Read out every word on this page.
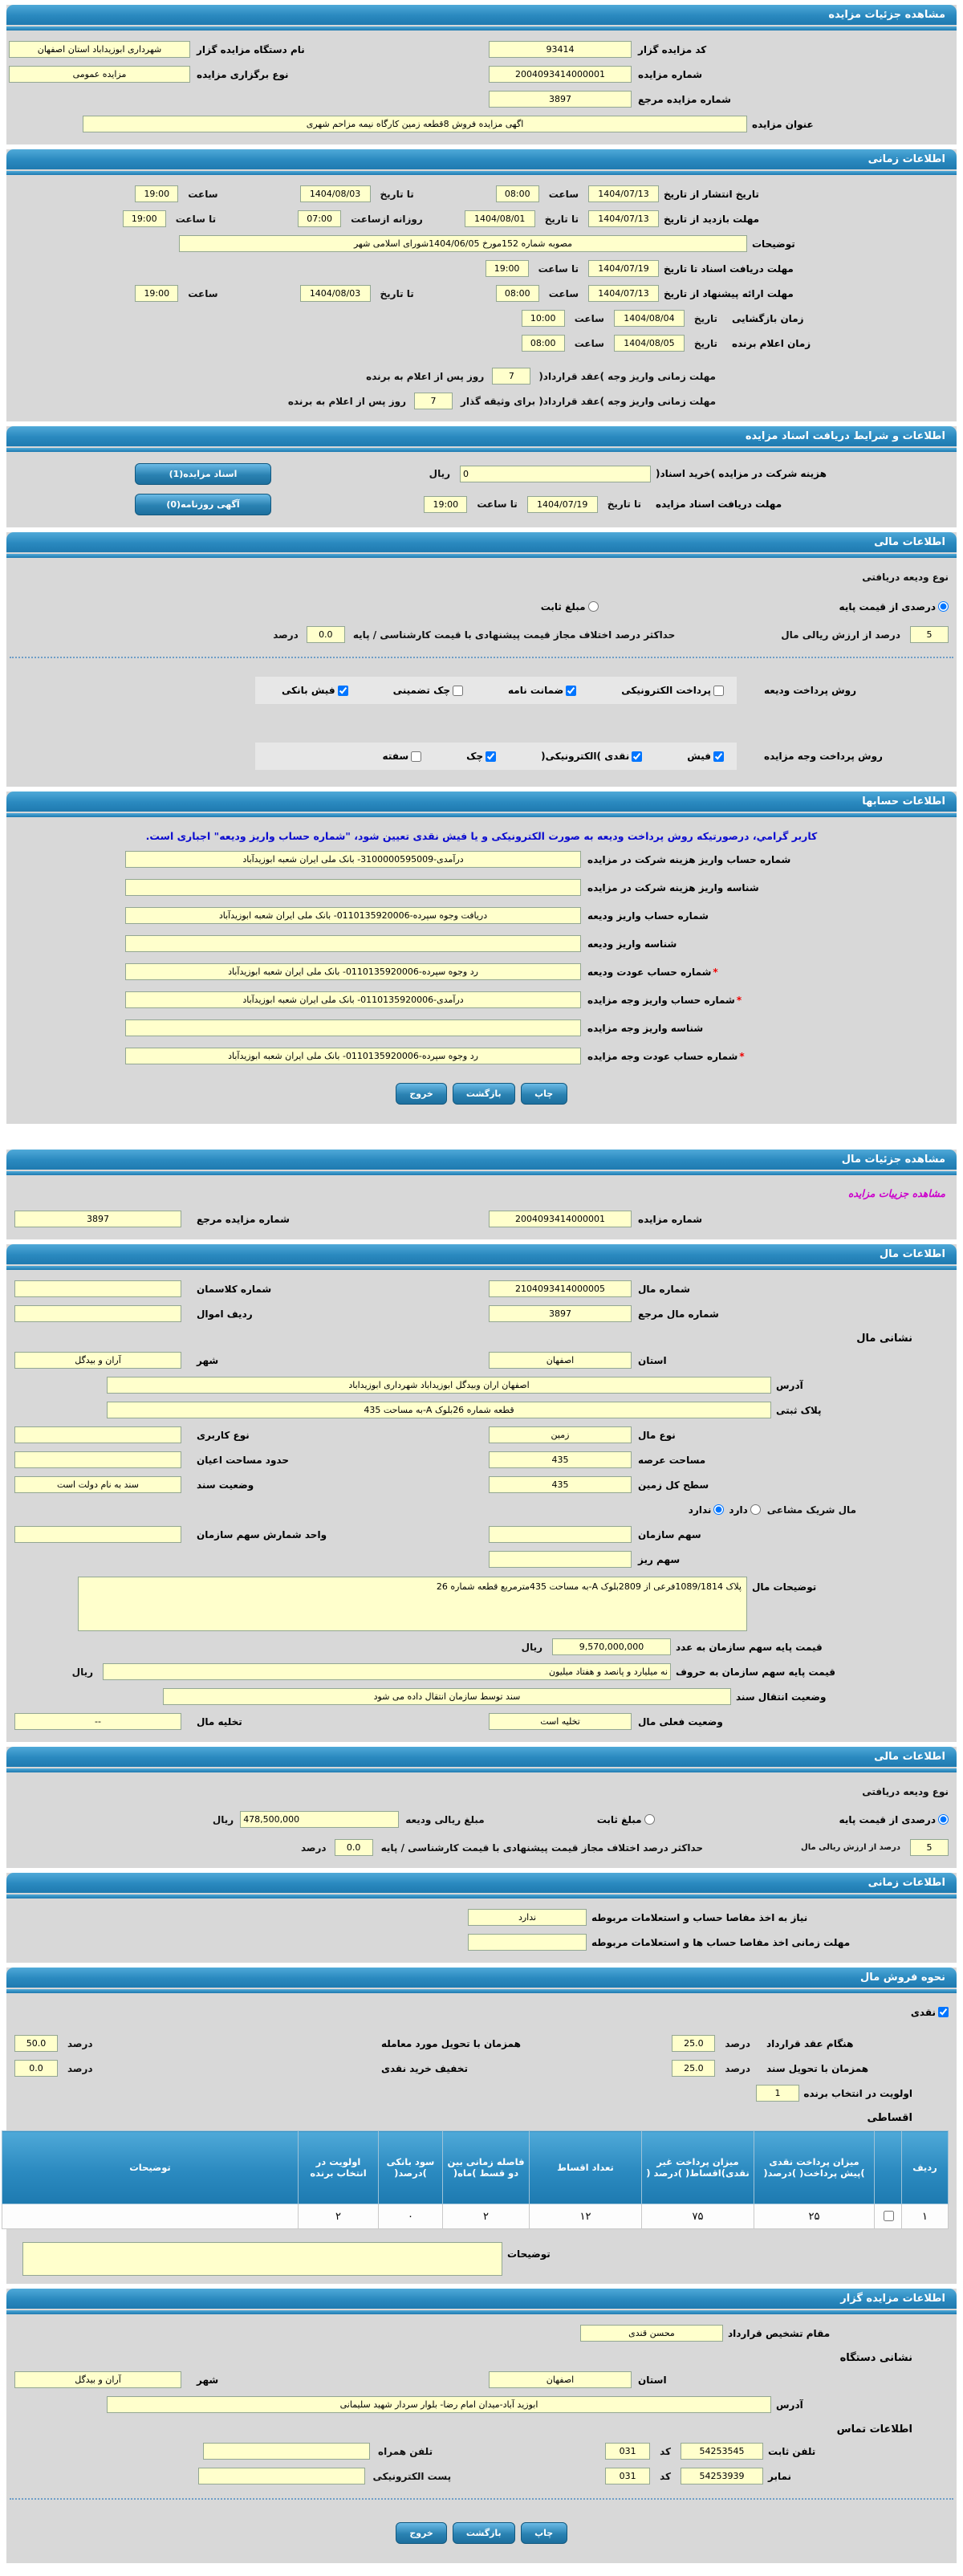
مشاهده جزئیات مزایده
کد مزایده گزار
93414
نام دستگاه مزایده گزار
شهرداری ابوزیداباد استان اصفهان
شماره مزایده
2004093414000001
نوع برگزاری مزایده
مزایده عمومی
شماره مزایده مرجع
3897
عنوان مزایده
اگهی مزایده فروش 8قطعه زمین کارگاه نیمه مزاحم شهری
اطلاعات زمانی
تاریخ انتشار از تاریخ
1404/07/13
ساعت
08:00
تا تاریخ
1404/08/03
ساعت
19:00
مهلت بازدید از تاریخ
1404/07/13
تا تاریخ
1404/08/01
روزانه ازساعت
07:00
تا ساعت
19:00
توضیحات
مصوبه شماره 152مورخ 1404/06/05شورای اسلامی شهر
مهلت دریافت اسناد تا تاریخ
1404/07/19
تا ساعت
19:00
مهلت ارائه پیشنهاد از تاریخ
1404/07/13
ساعت
08:00
تا تاریخ
1404/08/03
ساعت
19:00
زمان بازگشایی
تاریخ
1404/08/04
ساعت
10:00
زمان اعلام برنده
تاریخ
1404/08/05
ساعت
08:00
مهلت زمانی واریز وجه )عقد قرارداد(
7
روز پس از اعلام به برنده
مهلت زمانی واریز وجه )عقد قرارداد( برای وثیقه گذار
7
روز پس از اعلام به برنده
اطلاعات و شرایط دریافت اسناد مزایده
هزینه شرکت در مزایده )خرید اسناد(
0
ریال
اسناد مزایده(1)
مهلت دریافت اسناد مزایده
تا تاریخ
1404/07/19
تا ساعت
19:00
آگهی روزنامه(0)
اطلاعات مالی
نوع ودیعه دریافتی
درصدی از قیمت پایه
مبلغ ثابت
5
درصد از ارزش ریالی مال
حداکثر درصد اختلاف مجاز قیمت پیشنهادی با قیمت کارشناسی / پایه
0.0
درصد
روش پرداخت ودیعه
پرداخت الکترونیکی
ضمانت نامه
چک تضمینی
فیش بانکی
روش پرداخت وجه مزایده
فیش
نقدی )الکترونیکی(
چک
سفته
اطلاعات حسابها
کاربر گرامي، درصورتیکه روش پرداخت ودیعه به صورت الکترونیکی و یا فیش نقدی تعیین شود، "شماره حساب واریز ودیعه" اجباری است.
شماره حساب واریز هزینه شرکت در مزایده
درآمدی-3100000595009- بانک ملی ایران شعبه ابوزیدآباد
شناسه واریز هزینه شرکت در مزایده
شماره حساب واریز ودیعه
دریافت وجوه سپرده-0110135920006- بانک ملی ایران شعبه ابوزیدآباد
شناسه واریز ودیعه
*شماره حساب عودت ودیعه
رد وجوه سپرده-0110135920006- بانک ملی ایران شعبه ابوزیدآباد
*شماره حساب واریز وجه مزایده
درآمدی-0110135920006- بانک ملی ایران شعبه ابوزیدآباد
شناسه واریز وجه مزایده
*شماره حساب عودت وجه مزایده
رد وجوه سپرده-0110135920006- بانک ملی ایران شعبه ابوزیدآباد
چاپ
بازگشت
خروج
مشاهده جزئیات مال
مشاهده جزییات مزایده
شماره مزایده
2004093414000001
شماره مزایده مرجع
3897
اطلاعات مال
شماره مال
2104093414000005
شماره کلاسمان
شماره مال مرجع
3897
ردیف اموال
نشانی مال
استان
اصفهان
شهر
آران و بیدگل
آدرس
اصفهان اران وبیدگل ابوزیداباد شهرداری ابوزیداباد
پلاک ثبتی
قطعه شماره 26بلوک A-به مساحت 435
نوع مال
زمین
نوع کاربری
مساحت عرصه
435
حدود مساحت اعیان
سطح کل زمین
435
وضعیت سند
سند به نام دولت است
مال شریک مشاعی
دارد
ندارد
سهم سازمان
واحد شمارش سهم سازمان
سهم ریز
توضیحات مال
پلاک 1089/1814فرعی از 2809بلوک A-به مساحت 435مترمربع قطعه شماره 26
قیمت پایه سهم سازمان به عدد
9,570,000,000
ریال
قیمت پایه سهم سازمان به حروف
نه میلیارد و پانصد و هفتاد میلیون
ریال
وضعیت انتقال سند
سند توسط سازمان انتقال داده می شود
وضعیت فعلی مال
تخلیه است
تخلیه مال
--
اطلاعات مالی
نوع ودیعه دریافتی
درصدی از قیمت پایه
مبلغ ثابت
مبلغ ریالی ودیعه
478,500,000
ریال
5
درصد از ارزش ریالی مال
حداکثر درصد اختلاف مجاز قیمت پیشنهادی با قیمت کارشناسی / پایه
0.0
درصد
اطلاعات زمانی
نیاز به اخذ مفاصا حساب و استعلامات مربوطه
ندارد
مهلت زمانی اخذ مفاصا حساب ها و استعلامات مربوطه
نحوه فروش مال
نقدی
هنگام عقد قرارداد
درصد25.0
همزمان با تحویل مورد معامله
درصد50.0
همزمان با تحویل سند
درصد25.0
تخفیف خرید نقدی
درصد0.0
اولویت در انتخاب برنده
1
اقساطی
ردیف		میزان پرداخت نقدی )پیش پرداخت( )درصد(	میزان پرداخت غیر نقدی)اقساط( )درصد (	تعداد اقساط	فاصله زمانی بین دو قسط )ماه(	سود بانکی )درصد(	اولویت در انتخاب برنده	توضیحات
۱		۲۵	۷۵	۱۲	۲	۰	۲	
توضیحات
اطلاعات مزایده گزار
مقام تشخیص قرارداد
محسن قندی
نشانی دستگاه
استان
اصفهان
شهر
آران و بیدگل
آدرس
ابوزید آباد-میدان امام رضا- بلوار سردار شهید سلیمانی
اطلاعات تماس
تلفن ثابت
54253545
کد
031
تلفن همراه
نمابر
54253939
کد
031
پست الکترونیکی
چاپ
بازگشت
خروج
